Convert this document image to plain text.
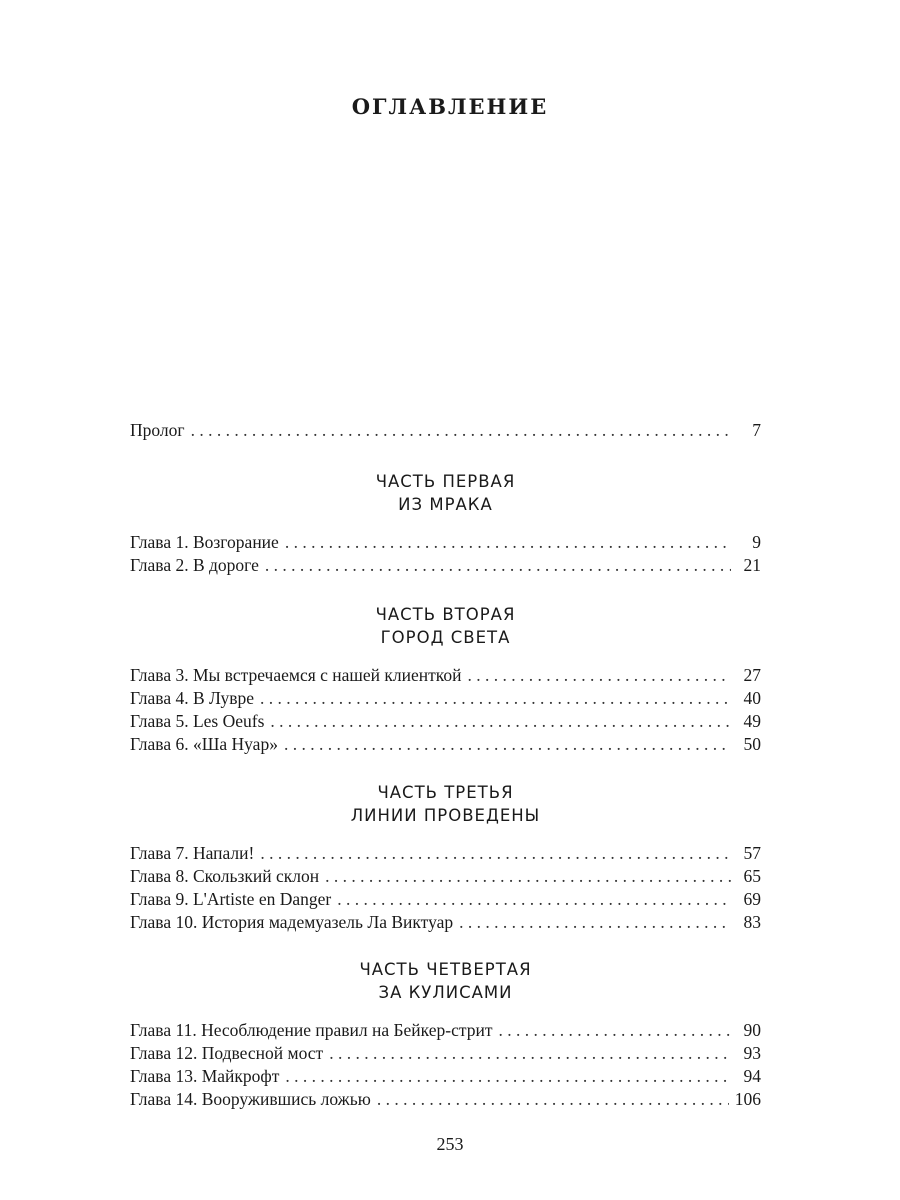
ОГЛАВЛЕНИЕ
Пролог . . .	7
ЧАСТЬ ПЕРВАЯ
ИЗ МРАКА
Глава 1. Возгорание . . .	9
Глава 2. В дороге . . .	21
ЧАСТЬ ВТОРАЯ
ГОРОД СВЕТА
Глава 3. Мы встречаемся с нашей клиенткой . . .	27
Глава 4. В Лувре . . .	40
Глава 5. Les Oeufs . . .	49
Глава 6. «Ша Нуар» . . .	50
ЧАСТЬ ТРЕТЬЯ
ЛИНИИ ПРОВЕДЕНЫ
Глава 7. Напали! . . .	57
Глава 8. Скользкий склон . . .	65
Глава 9. L'Artiste en Danger . . .	69
Глава 10. История мадемуазель Ла Виктуар . . .	83
ЧАСТЬ ЧЕТВЕРТАЯ
ЗА КУЛИСАМИ
Глава 11. Несоблюдение правил на Бейкер-стрит . . .	90
Глава 12. Подвесной мост . . .	93
Глава 13. Майкрофт . . .	94
Глава 14. Вооружившись ложью . . .	106
253
